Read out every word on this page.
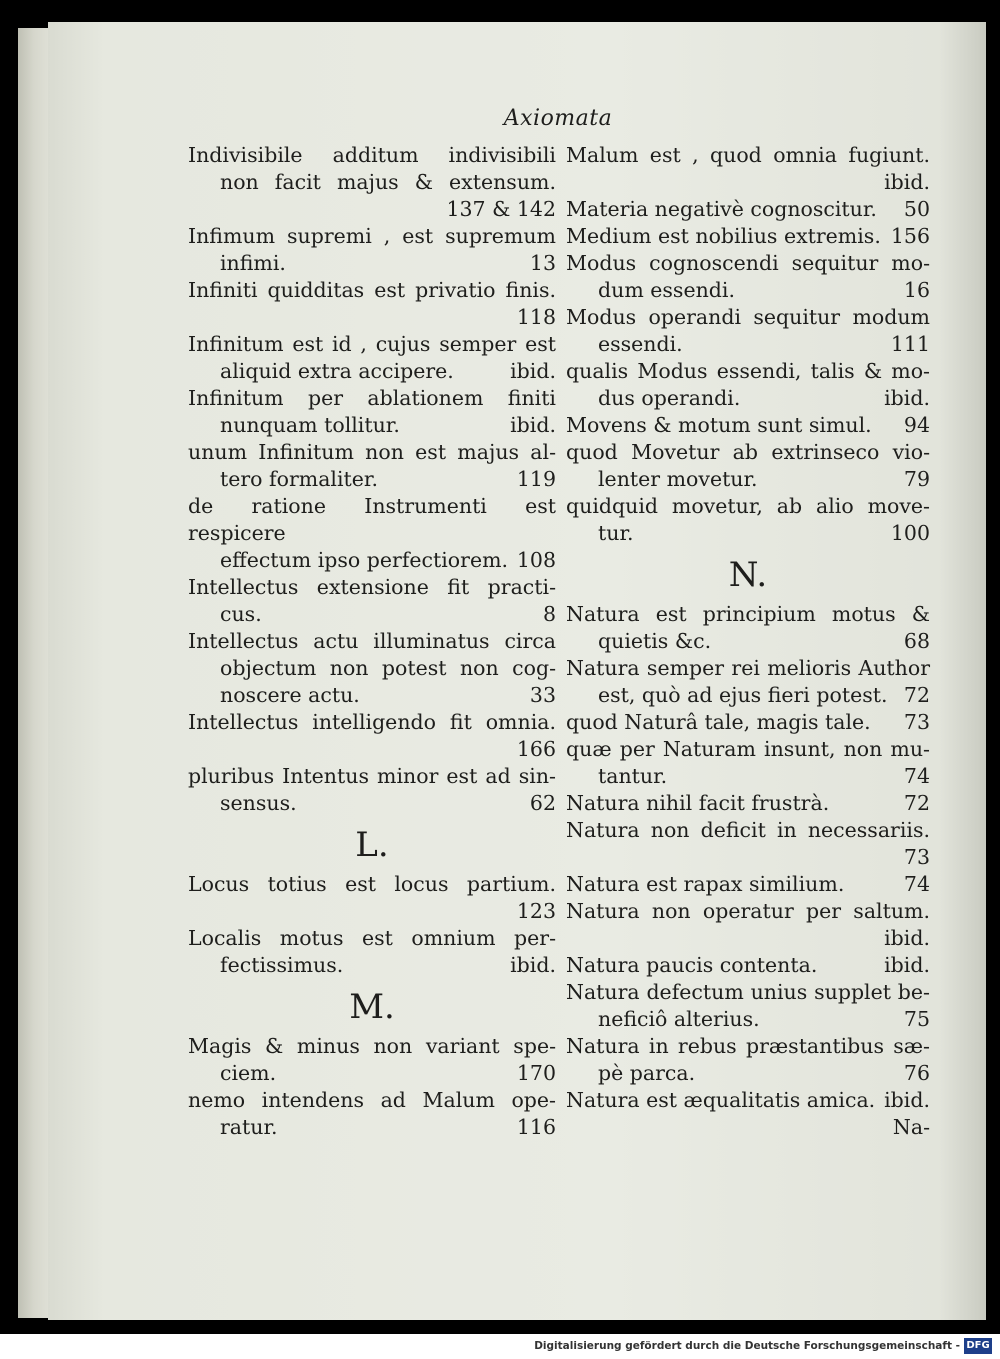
Axiomata
Indivisibile additum indivisibili
non facit majus & extensum.
137 & 142
Infimum supremi , est supremum
infimi.	13
Infiniti quidditas est privatio finis.
118
Infinitum est id , cujus semper est
aliquid extra accipere.	ibid.
Infinitum per ablationem finiti
nunquam tollitur.	ibid.
unum Infinitum non est majus al-
tero formaliter.	119
de ratione Instrumenti est respicere
effectum ipso perfectiorem. 108
Intellectus extensione fit practi-
cus.	8
Intellectus actu illuminatus circa
objectum non potest non cog-
noscere actu.	33
Intellectus intelligendo fit omnia.
166
pluribus Intentus minor est ad sin-
sensus.	62
L.
Locus totius est locus partium.
123
Localis motus est omnium per-
fectissimus.	ibid.
M.
Magis & minus non variant spe-
ciem.	170
nemo intendens ad Malum ope-
ratur.	116
Malum est , quod omnia fugiunt.
ibid.
Materia negativè cognoscitur. 50
Medium est nobilius extremis. 156
Modus cognoscendi sequitur mo-
dum essendi.	16
Modus operandi sequitur modum
essendi.	111
qualis Modus essendi, talis & mo-
dus operandi.	ibid.
Movens & motum sunt simul. 94
quod Movetur ab extrinseco vio-
lenter movetur.	79
quidquid movetur, ab alio move-
tur.	100
N.
Natura est principium motus &
quietis &c.	68
Natura semper rei melioris Author
est, quò ad ejus fieri potest. 72
quod Naturâ tale, magis tale. 73
quæ per Naturam insunt, non mu-
tantur.	74
Natura nihil facit frustrà.	72
Natura non deficit in necessariis.
73
Natura est rapax similium.	74
Natura non operatur per saltum.
ibid.
Natura paucis contenta.	ibid.
Natura defectum unius supplet be-
neficiô alterius.	75
Natura in rebus præstantibus sæ-
pè parca.	76
Natura est æqualitatis amica. ibid.
Na-
Digitalisierung gefördert durch die Deutsche Forschungsgemeinschaft - DFG
